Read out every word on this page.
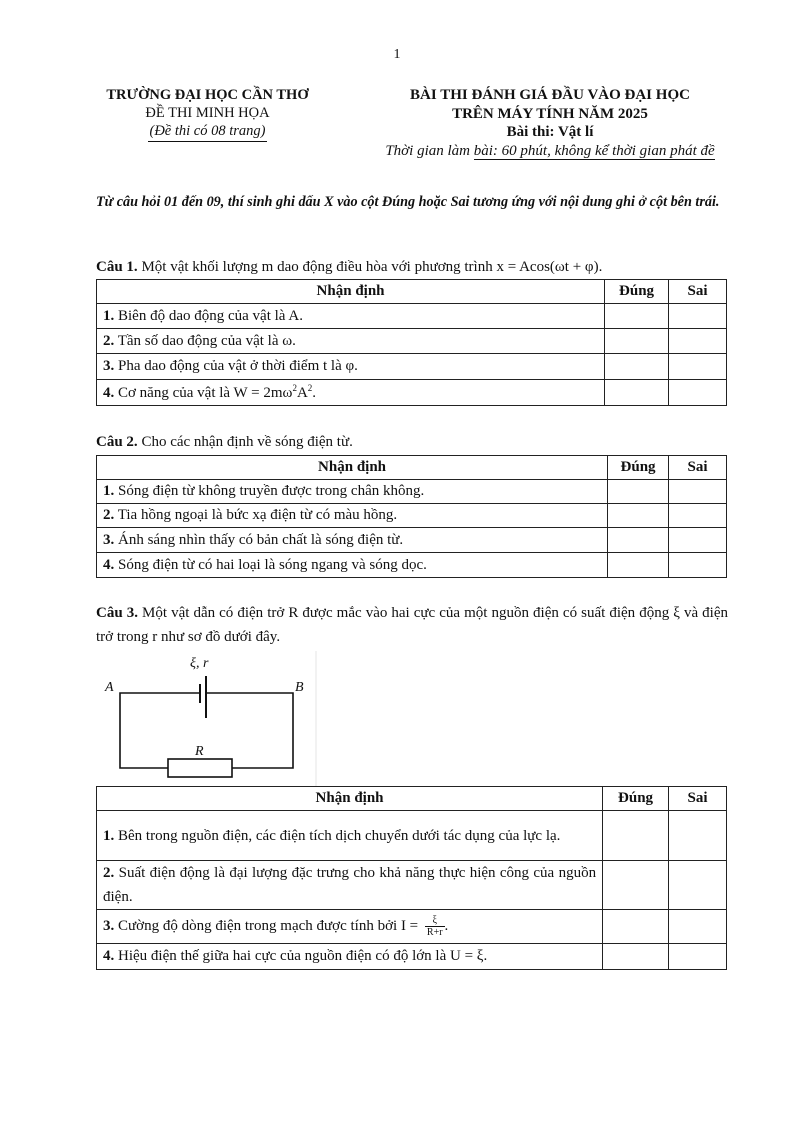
1
TRƯỜNG ĐẠI HỌC CẦN THƠ
ĐỀ THI MINH HỌA
(Đề thi có 08 trang)
BÀI THI ĐÁNH GIÁ ĐẦU VÀO ĐẠI HỌC
TRÊN MÁY TÍNH NĂM 2025
Bài thi: Vật lí
Thời gian làm bài: 60 phút, không kể thời gian phát đề
Từ câu hỏi 01 đến 09, thí sinh ghi dấu X vào cột Đúng hoặc Sai tương ứng với nội dung ghi ở cột bên trái.
Câu 1. Một vật khối lượng m dao động điều hòa với phương trình x = Acos(ωt + φ).
Nhận định	Đúng	Sai
1. Biên độ dao động của vật là A.		
2. Tần số dao động của vật là ω.		
3. Pha dao động của vật ở thời điểm t là φ.		
4. Cơ năng của vật là $W = 2m\omega^2A^2$.		
Câu 2. Cho các nhận định về sóng điện từ.
Nhận định	Đúng	Sai
1. Sóng điện từ không truyền được trong chân không.		
2. Tia hồng ngoại là bức xạ điện từ có màu hồng.		
3. Ánh sáng nhìn thấy có bản chất là sóng điện từ.		
4. Sóng điện từ có hai loại là sóng ngang và sóng dọc.		
Câu 3. Một vật dẫn có điện trở R được mắc vào hai cực của một nguồn điện có suất điện động ξ và điện trở trong r như sơ đồ dưới đây.
ξ, r
A	B
R
Nhận định	Đúng	Sai
1. Bên trong nguồn điện, các điện tích dịch chuyển dưới tác dụng của lực lạ.		
2. Suất điện động là đại lượng đặc trưng cho khả năng thực hiện công của nguồn điện.		
3. Cường độ dòng điện trong mạch được tính bởi $I = \frac{\xi}{R+r}$ .		
4. Hiệu điện thế giữa hai cực của nguồn điện có độ lớn là U = ξ.		
